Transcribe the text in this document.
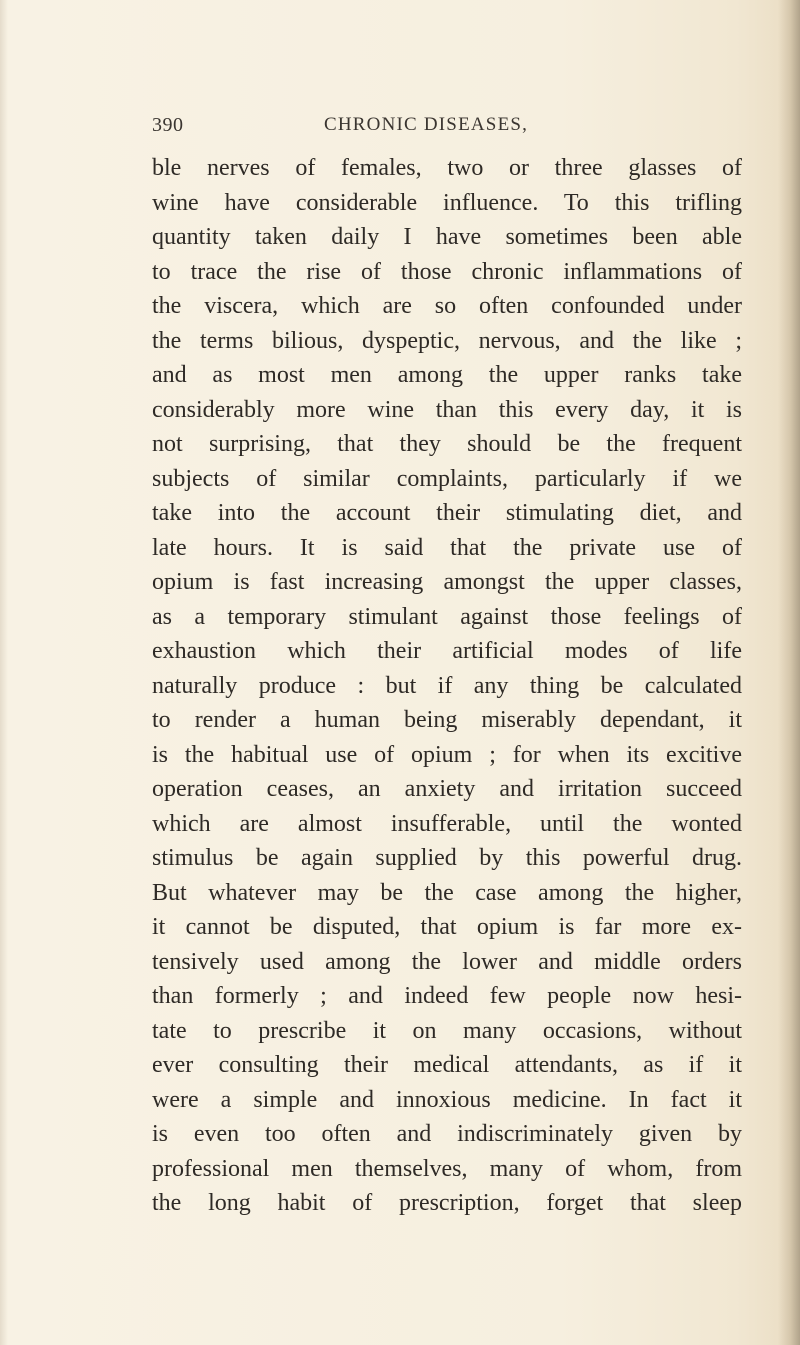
390	CHRONIC DISEASES,
ble nerves of females, two or three glasses of
wine have considerable influence. To this trifling
quantity taken daily I have sometimes been able
to trace the rise of those chronic inflammations of
the viscera, which are so often confounded under
the terms bilious, dyspeptic, nervous, and the like ;
and as most men among the upper ranks take
considerably more wine than this every day, it is
not surprising, that they should be the frequent
subjects of similar complaints, particularly if we
take into the account their stimulating diet, and
late hours. It is said that the private use of
opium is fast increasing amongst the upper classes,
as a temporary stimulant against those feelings of
exhaustion which their artificial modes of life
naturally produce : but if any thing be calculated
to render a human being miserably dependant, it
is the habitual use of opium ; for when its excitive
operation ceases, an anxiety and irritation succeed
which are almost insufferable, until the wonted
stimulus be again supplied by this powerful drug.
But whatever may be the case among the higher,
it cannot be disputed, that opium is far more ex-
tensively used among the lower and middle orders
than formerly ; and indeed few people now hesi-
tate to prescribe it on many occasions, without
ever consulting their medical attendants, as if it
were a simple and innoxious medicine. In fact it
is even too often and indiscriminately given by
professional men themselves, many of whom, from
the long habit of prescription, forget that sleep
